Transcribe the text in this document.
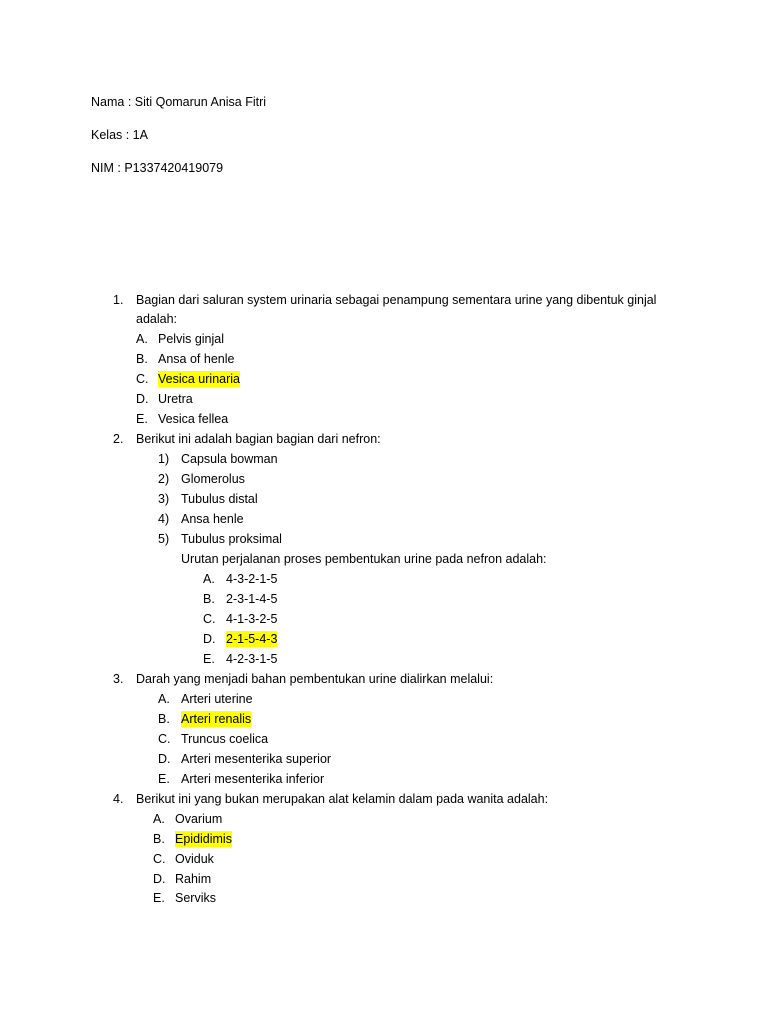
Nama : Siti Qomarun Anisa Fitri
Kelas : 1A
NIM : P1337420419079
1. Bagian dari saluran system urinaria sebagai penampung sementara urine yang dibentuk ginjal
adalah:
A. Pelvis ginjal
B. Ansa of henle
C. Vesica urinaria
D. Uretra
E. Vesica fellea
2. Berikut ini adalah bagian bagian dari nefron:
1) Capsula bowman
2) Glomerolus
3) Tubulus distal
4) Ansa henle
5) Tubulus proksimal
Urutan perjalanan proses pembentukan urine pada nefron adalah:
A. 4-3-2-1-5
B. 2-3-1-4-5
C. 4-1-3-2-5
D. 2-1-5-4-3
E. 4-2-3-1-5
3. Darah yang menjadi bahan pembentukan urine dialirkan melalui:
A. Arteri uterine
B. Arteri renalis
C. Truncus coelica
D. Arteri mesenterika superior
E. Arteri mesenterika inferior
4. Berikut ini yang bukan merupakan alat kelamin dalam pada wanita adalah:
A. Ovarium
B. Epididimis
C. Oviduk
D. Rahim
E. Serviks
